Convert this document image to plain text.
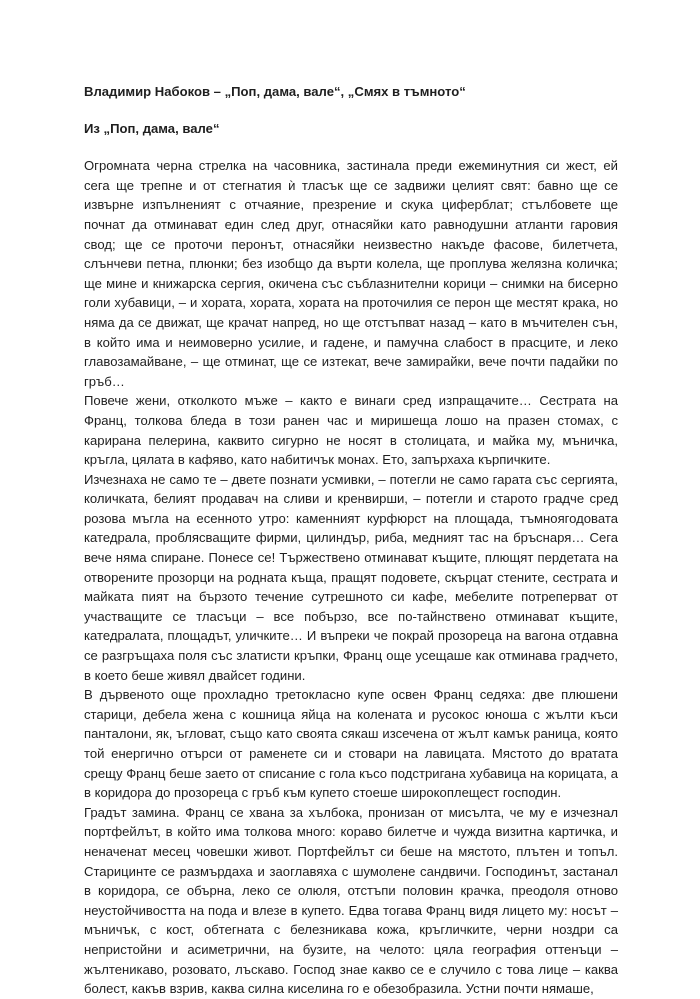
Владимир Набоков – „Поп, дама, вале“, „Смях в тъмното“

Из „Поп, дама, вале“

Огромната черна стрелка на часовника, застинала преди ежеминутния си жест, ей сега ще трепне и от стегнатия ѝ тласък ще се задвижи целият свят: бавно ще се извърне изпълненият с отчаяние, презрение и скука циферблат; стълбовете ще почнат да отминават един след друг, отнасяйки като равнодушни атланти гаровия свод; ще се проточи перонът, отнасяйки неизвестно накъде фасове, билетчета, слънчеви петна, плюнки; без изобщо да върти колела, ще проплува желязна количка; ще мине и книжарска сергия, окичена със съблазнителни корици – снимки на бисерно голи хубавици, – и хората, хората, хората на проточилия се перон ще местят крака, но няма да се движат, ще крачат напред, но ще отстъпват назад – като в мъчителен сън, в който има и неимоверно усилие, и гадене, и памучна слабост в прасците, и леко главозамайване, – ще отминат, ще се изтекат, вече замирайки, вече почти падайки по гръб…

Повече жени, отколкото мъже – както е винаги сред изпращачите… Сестрата на Франц, толкова бледа в този ранен час и миришеща лошо на празен стомах, с карирана пелерина, каквито сигурно не носят в столицата, и майка му, мъничка, кръгла, цялата в кафяво, като набитичък монах. Ето, запърхаха кърпичките.

Изчезнаха не само те – двете познати усмивки, – потегли не само гарата със сергията, количката, белият продавач на сливи и кренвирши, – потегли и старото градче сред розова мъгла на есенното утро: каменният курфюрст на площада, тъмноягодовата катедрала, проблясващите фирми, цилиндър, риба, медният тас на бръснаря… Сега вече няма спиране. Понесе се! Тържествено отминават къщите, плющят пердетата на отворените прозорци на родната къща, пращят подовете, скърцат стените, сестрата и майката пият на бързото течение сутрешното си кафе, мебелите потреперват от участващите се тласъци – все побързо, все по-тайнствено отминават къщите, катедралата, площадът, уличките… И въпреки че покрай прозореца на вагона отдавна се разгръщаха поля със златисти кръпки, Франц още усещаше как отминава градчето, в което беше живял двайсет години.

В дървеното още прохладно третокласно купе освен Франц седяха: две плюшени старици, дебела жена с кошница яйца на колената и русокос юноша с жълти къси панталони, як, ъгловат, също като своята сякаш изсечена от жълт камък раница, която той енергично отърси от раменете си и стовари на лавицата. Мястото до вратата срещу Франц беше заето от списание с гола късо подстригана хубавица на корицата, а в коридора до прозореца с гръб към купето стоеше широкоплещест господин.

Градът замина. Франц се хвана за хълбока, пронизан от мисълта, че му е изчезнал портфейлът, в който има толкова много: кораво билетче и чужда визитна картичка, и неначенат месец човешки живот. Портфейлът си беше на мястото, плътен и топъл. Старицинте се размърдаха и заоглавяха с шумолене сандвичи. Господинът, застанал в коридора, се обърна, леко се олюля, отстъпи половин крачка, преодоля отново неустойчивостта на пода и влезе в купето. Едва тогава Франц видя лицето му: носът – мъничък, с кост, обтегната с белезникава кожа, кръгличките, черни ноздри са непристойни и асиметрични, на бузите, на челото: цяла география оттенъци – жълтеникаво, розовато, лъскаво. Господ знае какво се е случило с това лице – каква болест, какъв взрив, каква силна киселина го е обезобразила. Устни почти нямаше,
